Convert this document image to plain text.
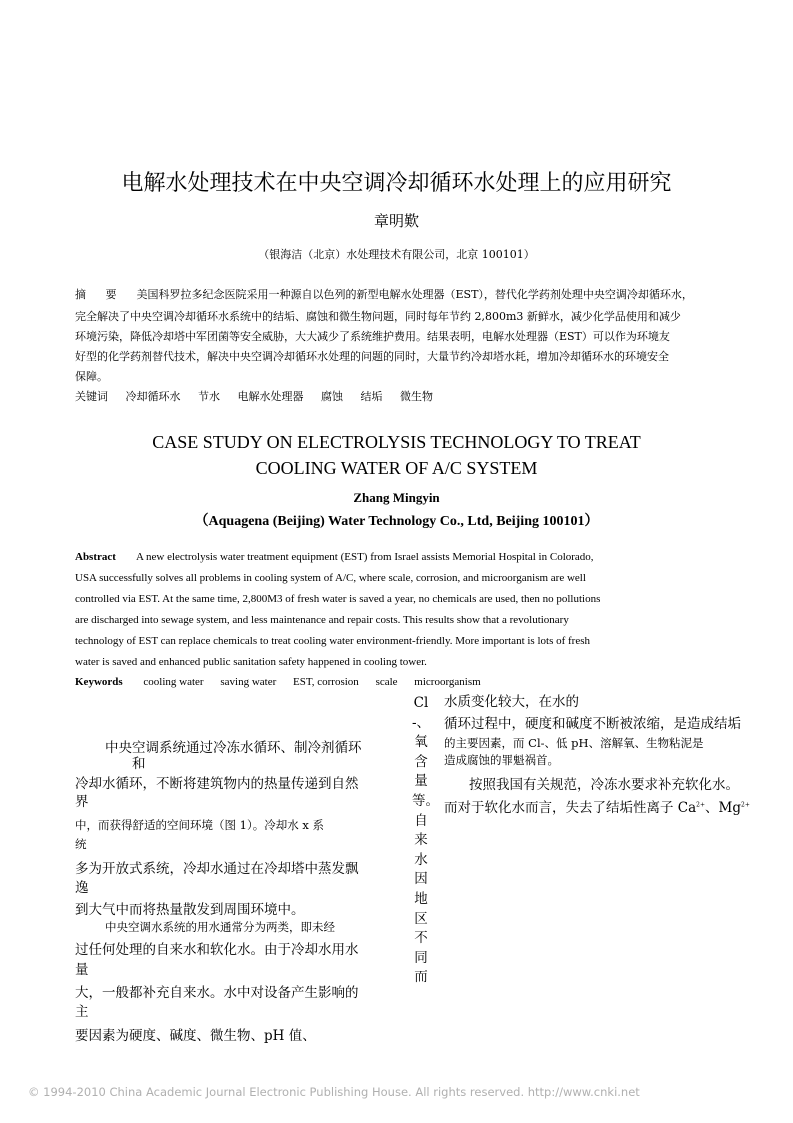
电解水处理技术在中央空调冷却循环水处理上的应用研究
章明歎
（银海洁（北京）水处理技术有限公司，北京 100101）
摘 要 美国科罗拉多纪念医院采用一种源自以色列的新型电解水处理器（EST），替代化学药剂处理中央空调冷却循环水，
完全解决了中央空调冷却循环水系统中的结垢、腐蚀和微生物问题，同时每年节约 2,800m3 新鲜水，减少化学品使用和减少
环境污染，降低冷却塔中军团菌等安全威胁，大大减少了系统维护费用。结果表明，电解水处理器（EST）可以作为环境友
好型的化学药剂替代技术，解决中央空调冷却循环水处理的问题的同时，大量节约冷却塔水耗，增加冷却循环水的环境安全
保障。
关键词 冷却循环水 节水 电解水处理器 腐蚀 结垢 微生物
CASE STUDY ON ELECTROLYSIS TECHNOLOGY TO TREAT
COOLING WATER OF A/C SYSTEM
Zhang Mingyin
（Aquagena (Beijing) Water Technology Co., Ltd, Beijing 100101）
Abstract A new electrolysis water treatment equipment (EST) from Israel assists Memorial Hospital in Colorado,
USA successfully solves all problems in cooling system of A/C, where scale, corrosion, and microorganism are well
controlled via EST. At the same time, 2,800M3 of fresh water is saved a year, no chemicals are used, then no pollutions
are discharged into sewage system, and less maintenance and repair costs. This results show that a revolutionary
technology of EST can replace chemicals to treat cooling water environment-friendly. More important is lots of fresh
water is saved and enhanced public sanitation safety happened in cooling tower.
Keywords cooling water saving water EST, corrosion scale microorganism
中央空调系统通过冷冻水循环、制冷剂循环
和
冷却水循环，不断将建筑物内的热量传递到自然
界
中，而获得舒适的空间环境（图 1）。冷却水 x 系
统
多为开放式系统，冷却水通过在冷却塔中蒸发飘
逸
到大气中而将热量散发到周围环境中。
中央空调水系统的用水通常分为两类，即未经
过任何处理的自来水和软化水。由于冷却水用水
量
大，一般都补充自来水。水中对设备产生影响的
主
要因素为硬度、碱度、微生物、pH 值、
Cl-、氧含量等。自来水因地区不同而
水质变化较大，在水的
循环过程中，硬度和碱度不断被浓缩，是造成结垢
的主要因素，而 Cl-、低 pH、溶解氧、生物粘泥是
造成腐蚀的罪魁祸首。
按照我国有关规范，冷冻水要求补充软化水。
而对于软化水而言，失去了结垢性离子 $Ca^{2+}$、$Mg^{2+}$
© 1994-2010 China Academic Journal Electronic Publishing House. All rights reserved. http://www.cnki.net
